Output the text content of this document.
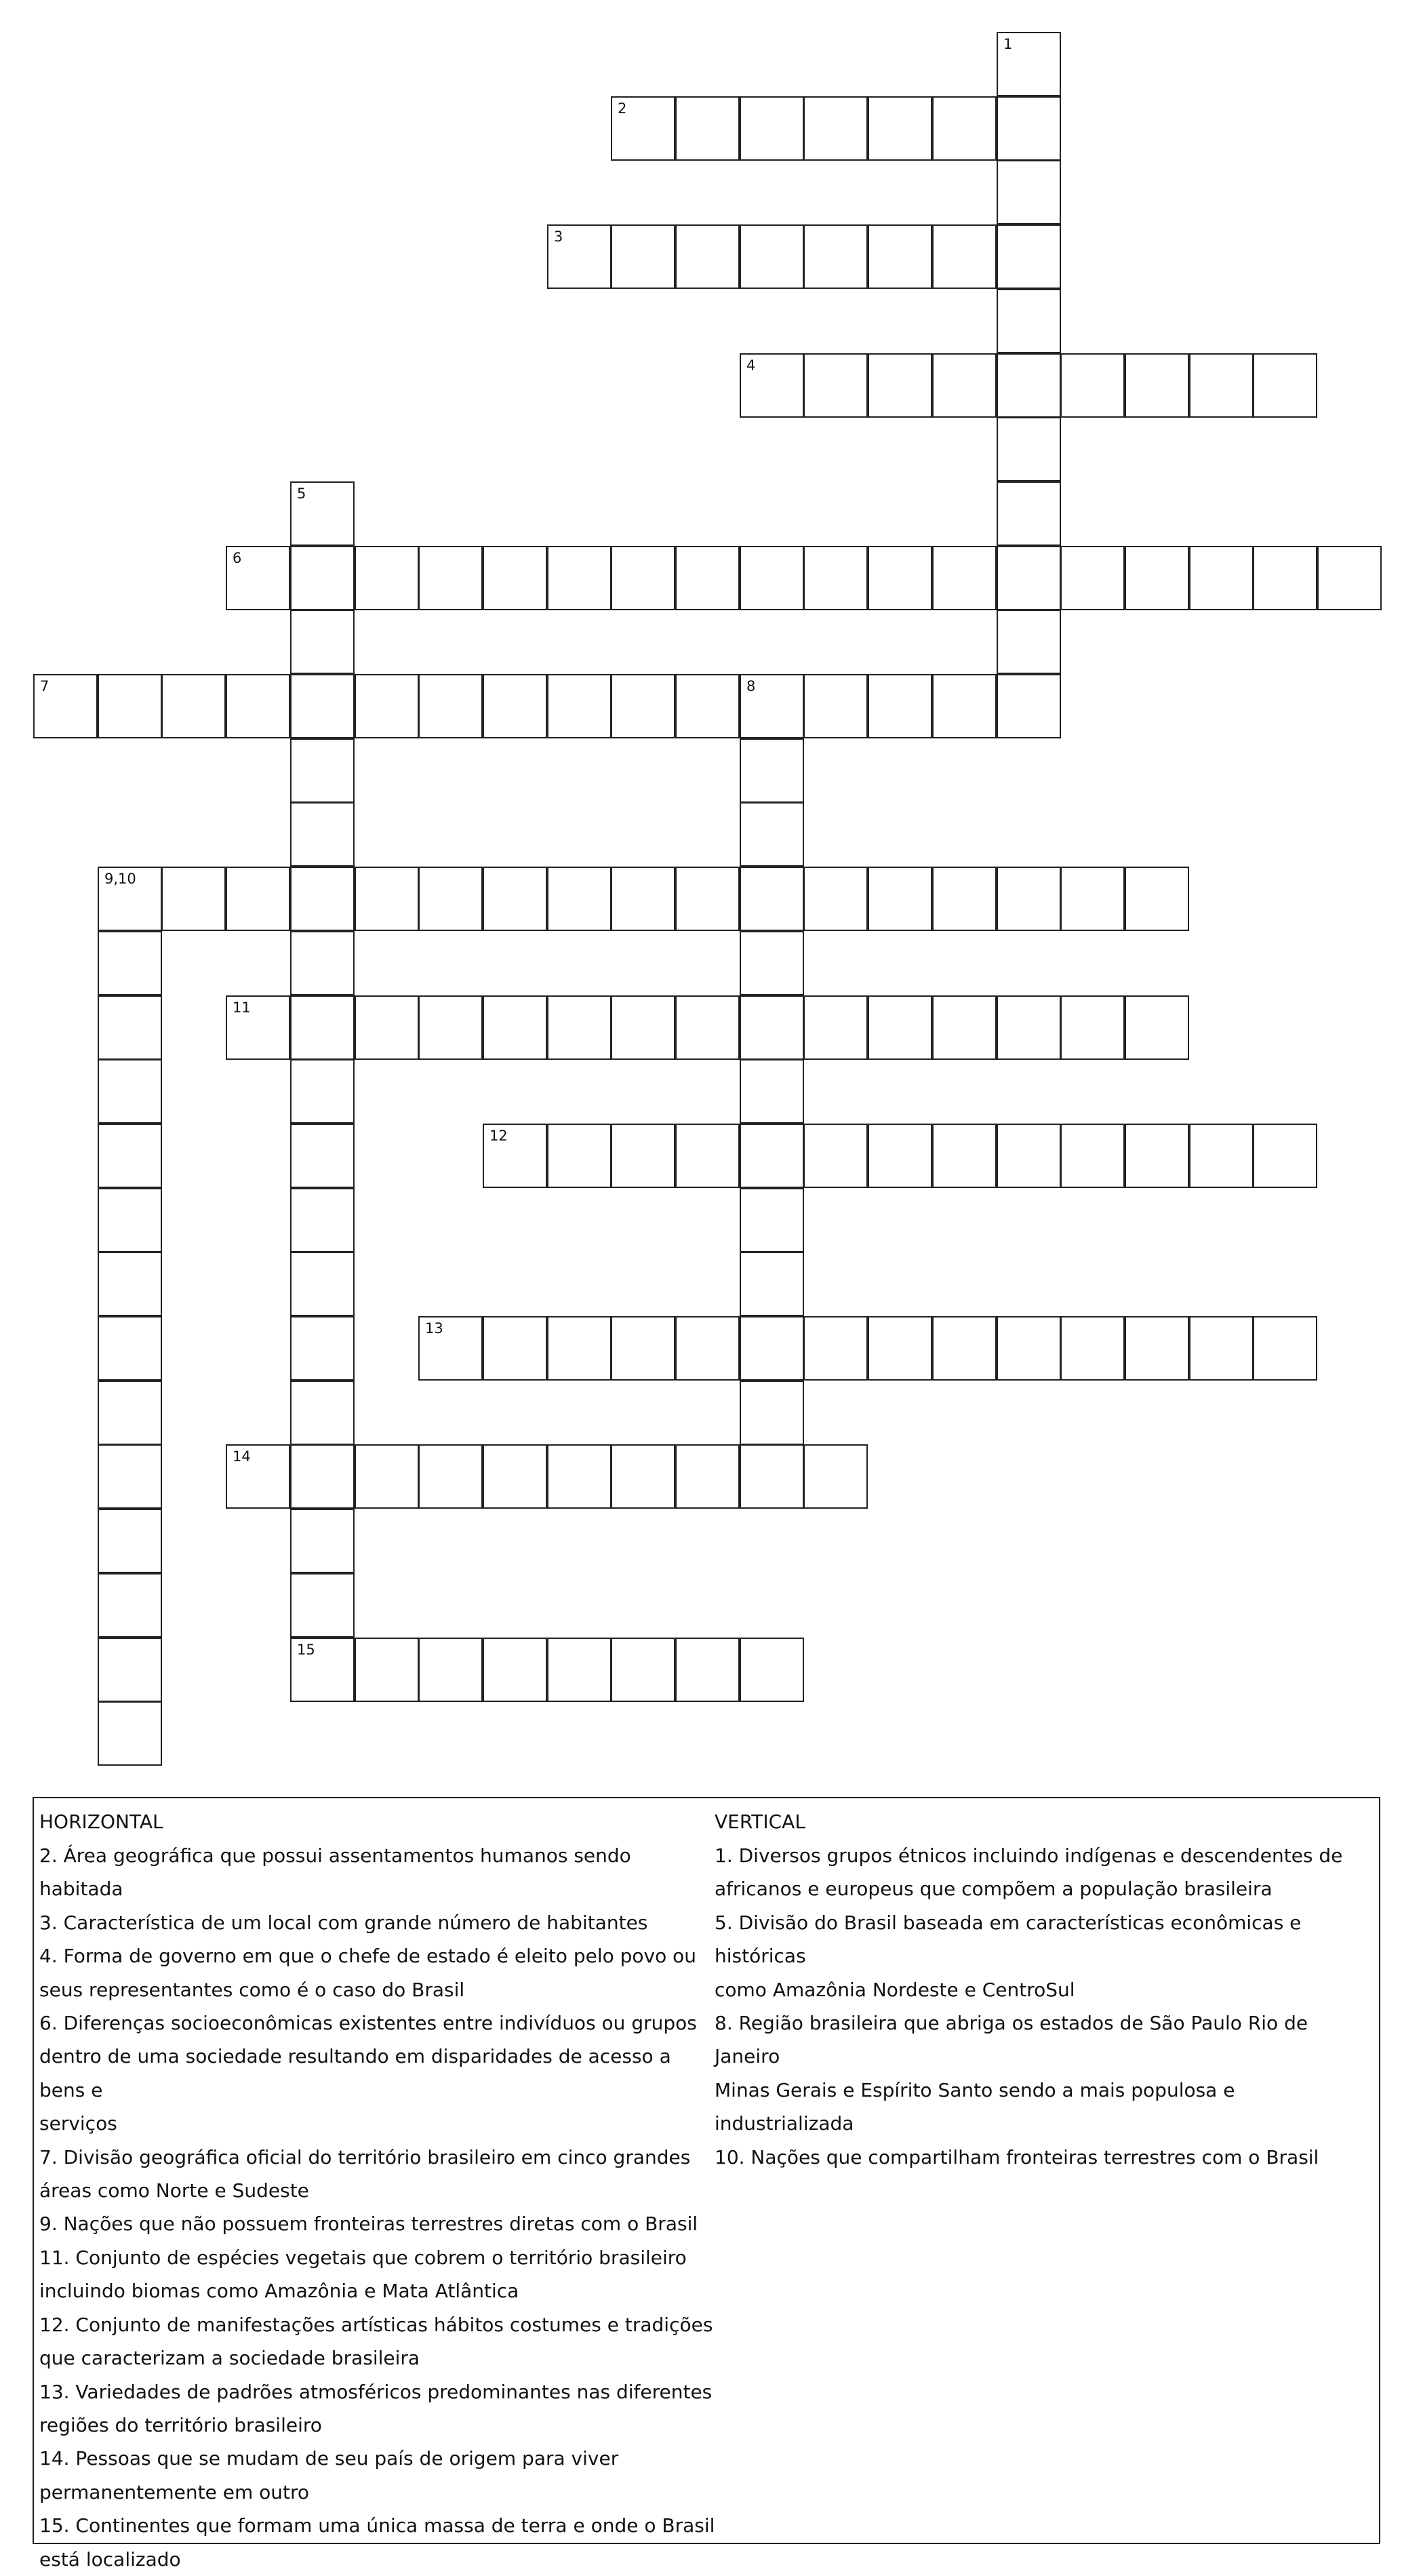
1
2
3
4
5
15
6
7	8
9,10
11
12
13
14
HORIZONTAL
2. Área geográfica que possui assentamentos humanos sendo habitada
3. Característica de um local com grande número de habitantes
4. Forma de governo em que o chefe de estado é eleito pelo povo ou
seus representantes como é o caso do Brasil
6. Diferenças socioeconômicas existentes entre indivíduos ou grupos
dentro de uma sociedade resultando em disparidades de acesso a bens e
serviços
7. Divisão geográfica oficial do território brasileiro em cinco grandes
áreas como Norte e Sudeste
9. Nações que não possuem fronteiras terrestres diretas com o Brasil
11. Conjunto de espécies vegetais que cobrem o território brasileiro
incluindo biomas como Amazônia e Mata Atlântica
12. Conjunto de manifestações artísticas hábitos costumes e tradições
que caracterizam a sociedade brasileira
13. Variedades de padrões atmosféricos predominantes nas diferentes
regiões do território brasileiro
14. Pessoas que se mudam de seu país de origem para viver
permanentemente em outro
15. Continentes que formam uma única massa de terra e onde o Brasil
está localizado
VERTICAL
1. Diversos grupos étnicos incluindo indígenas e descendentes de
africanos e europeus que compõem a população brasileira
5. Divisão do Brasil baseada em características econômicas e históricas
como Amazônia Nordeste e CentroSul
8. Região brasileira que abriga os estados de São Paulo Rio de Janeiro
Minas Gerais e Espírito Santo sendo a mais populosa e industrializada
10. Nações que compartilham fronteiras terrestres com o Brasil
